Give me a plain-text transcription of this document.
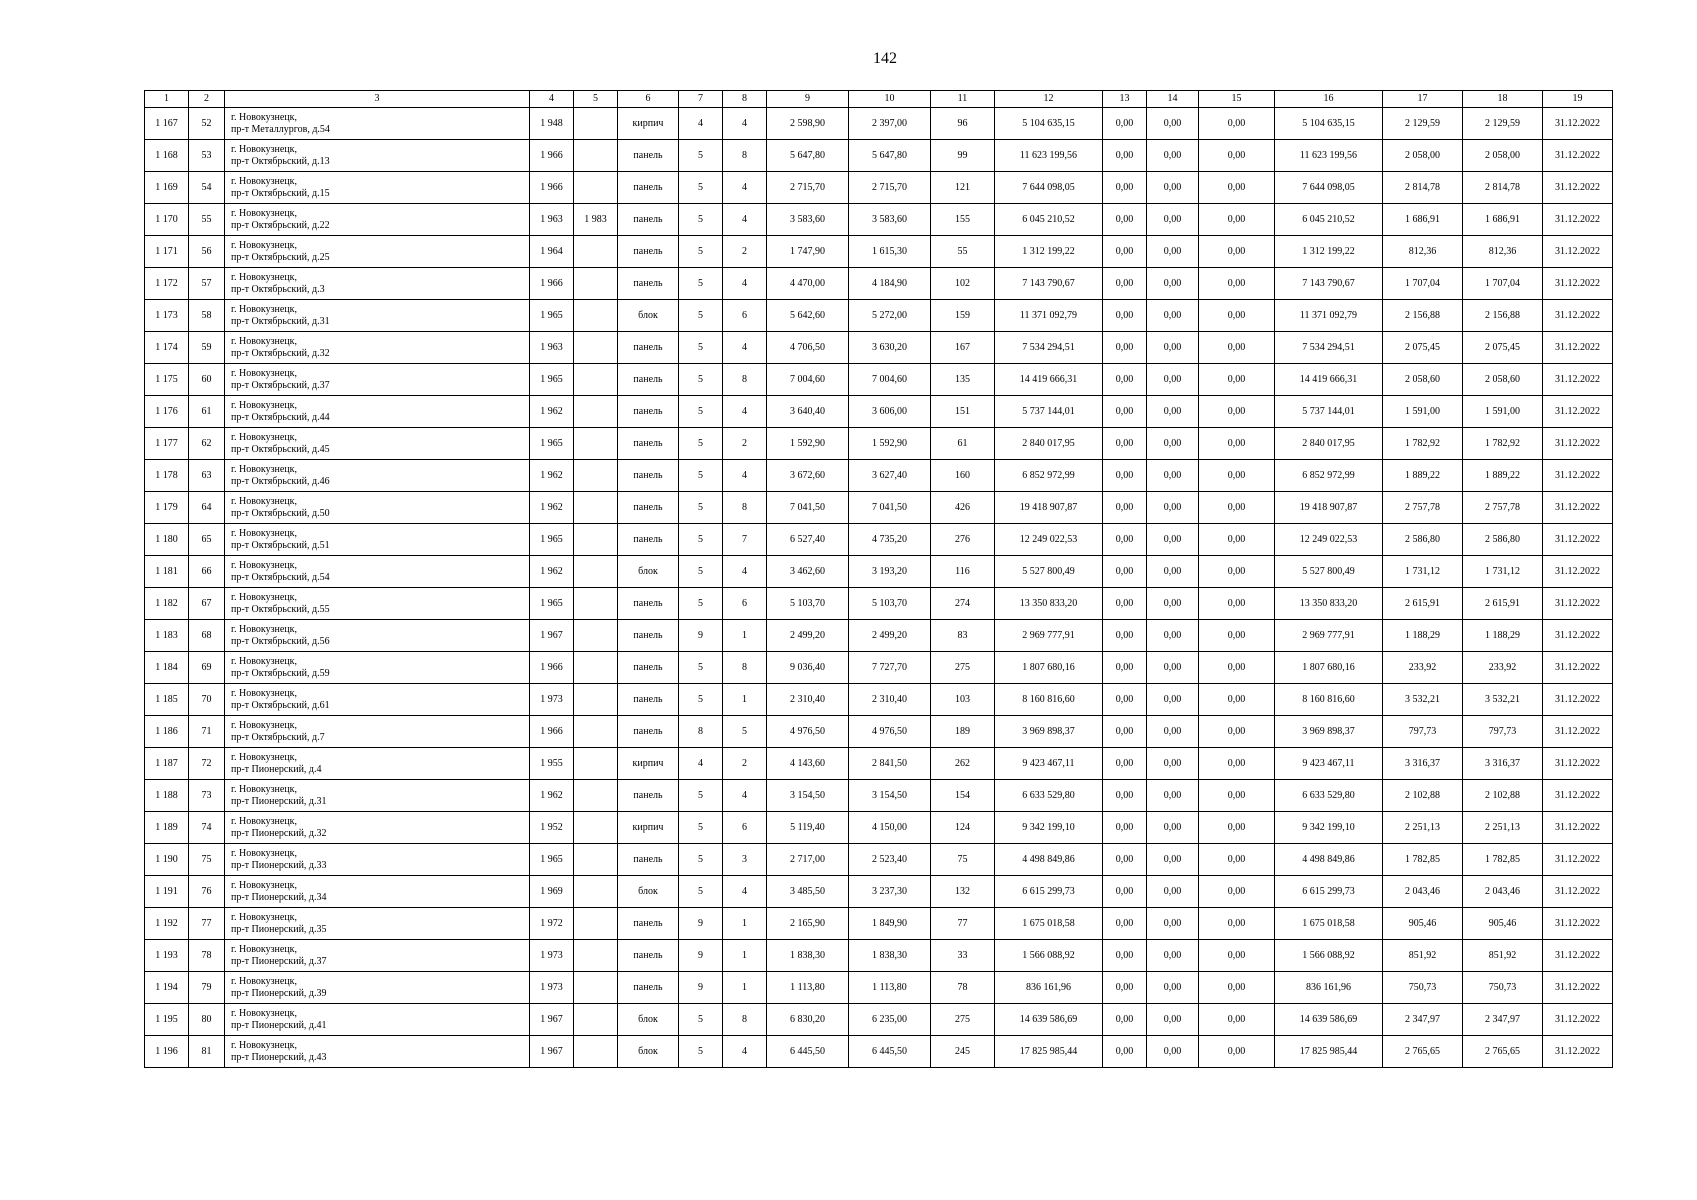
142
1	2	3	4	5	6	7	8	9	10	11	12	13	14	15	16	17	18	19
1 167	52	г. Новокузнецк,
пр-т Металлургов, д.54	1 948		кирпич	4	4	2 598,90	2 397,00	96	5 104 635,15	0,00	0,00	0,00	5 104 635,15	2 129,59	2 129,59	31.12.2022
1 168	53	г. Новокузнецк,
пр-т Октябрьский, д.13	1 966		панель	5	8	5 647,80	5 647,80	99	11 623 199,56	0,00	0,00	0,00	11 623 199,56	2 058,00	2 058,00	31.12.2022
1 169	54	г. Новокузнецк,
пр-т Октябрьский, д.15	1 966		панель	5	4	2 715,70	2 715,70	121	7 644 098,05	0,00	0,00	0,00	7 644 098,05	2 814,78	2 814,78	31.12.2022
1 170	55	г. Новокузнецк,
пр-т Октябрьский, д.22	1 963	1 983	панель	5	4	3 583,60	3 583,60	155	6 045 210,52	0,00	0,00	0,00	6 045 210,52	1 686,91	1 686,91	31.12.2022
1 171	56	г. Новокузнецк,
пр-т Октябрьский, д.25	1 964		панель	5	2	1 747,90	1 615,30	55	1 312 199,22	0,00	0,00	0,00	1 312 199,22	812,36	812,36	31.12.2022
1 172	57	г. Новокузнецк,
пр-т Октябрьский, д.3	1 966		панель	5	4	4 470,00	4 184,90	102	7 143 790,67	0,00	0,00	0,00	7 143 790,67	1 707,04	1 707,04	31.12.2022
1 173	58	г. Новокузнецк,
пр-т Октябрьский, д.31	1 965		блок	5	6	5 642,60	5 272,00	159	11 371 092,79	0,00	0,00	0,00	11 371 092,79	2 156,88	2 156,88	31.12.2022
1 174	59	г. Новокузнецк,
пр-т Октябрьский, д.32	1 963		панель	5	4	4 706,50	3 630,20	167	7 534 294,51	0,00	0,00	0,00	7 534 294,51	2 075,45	2 075,45	31.12.2022
1 175	60	г. Новокузнецк,
пр-т Октябрьский, д.37	1 965		панель	5	8	7 004,60	7 004,60	135	14 419 666,31	0,00	0,00	0,00	14 419 666,31	2 058,60	2 058,60	31.12.2022
1 176	61	г. Новокузнецк,
пр-т Октябрьский, д.44	1 962		панель	5	4	3 640,40	3 606,00	151	5 737 144,01	0,00	0,00	0,00	5 737 144,01	1 591,00	1 591,00	31.12.2022
1 177	62	г. Новокузнецк,
пр-т Октябрьский, д.45	1 965		панель	5	2	1 592,90	1 592,90	61	2 840 017,95	0,00	0,00	0,00	2 840 017,95	1 782,92	1 782,92	31.12.2022
1 178	63	г. Новокузнецк,
пр-т Октябрьский, д.46	1 962		панель	5	4	3 672,60	3 627,40	160	6 852 972,99	0,00	0,00	0,00	6 852 972,99	1 889,22	1 889,22	31.12.2022
1 179	64	г. Новокузнецк,
пр-т Октябрьский, д.50	1 962		панель	5	8	7 041,50	7 041,50	426	19 418 907,87	0,00	0,00	0,00	19 418 907,87	2 757,78	2 757,78	31.12.2022
1 180	65	г. Новокузнецк,
пр-т Октябрьский, д.51	1 965		панель	5	7	6 527,40	4 735,20	276	12 249 022,53	0,00	0,00	0,00	12 249 022,53	2 586,80	2 586,80	31.12.2022
1 181	66	г. Новокузнецк,
пр-т Октябрьский, д.54	1 962		блок	5	4	3 462,60	3 193,20	116	5 527 800,49	0,00	0,00	0,00	5 527 800,49	1 731,12	1 731,12	31.12.2022
1 182	67	г. Новокузнецк,
пр-т Октябрьский, д.55	1 965		панель	5	6	5 103,70	5 103,70	274	13 350 833,20	0,00	0,00	0,00	13 350 833,20	2 615,91	2 615,91	31.12.2022
1 183	68	г. Новокузнецк,
пр-т Октябрьский, д.56	1 967		панель	9	1	2 499,20	2 499,20	83	2 969 777,91	0,00	0,00	0,00	2 969 777,91	1 188,29	1 188,29	31.12.2022
1 184	69	г. Новокузнецк,
пр-т Октябрьский, д.59	1 966		панель	5	8	9 036,40	7 727,70	275	1 807 680,16	0,00	0,00	0,00	1 807 680,16	233,92	233,92	31.12.2022
1 185	70	г. Новокузнецк,
пр-т Октябрьский, д.61	1 973		панель	5	1	2 310,40	2 310,40	103	8 160 816,60	0,00	0,00	0,00	8 160 816,60	3 532,21	3 532,21	31.12.2022
1 186	71	г. Новокузнецк,
пр-т Октябрьский, д.7	1 966		панель	8	5	4 976,50	4 976,50	189	3 969 898,37	0,00	0,00	0,00	3 969 898,37	797,73	797,73	31.12.2022
1 187	72	г. Новокузнецк,
пр-т Пионерский, д.4	1 955		кирпич	4	2	4 143,60	2 841,50	262	9 423 467,11	0,00	0,00	0,00	9 423 467,11	3 316,37	3 316,37	31.12.2022
1 188	73	г. Новокузнецк,
пр-т Пионерский, д.31	1 962		панель	5	4	3 154,50	3 154,50	154	6 633 529,80	0,00	0,00	0,00	6 633 529,80	2 102,88	2 102,88	31.12.2022
1 189	74	г. Новокузнецк,
пр-т Пионерский, д.32	1 952		кирпич	5	6	5 119,40	4 150,00	124	9 342 199,10	0,00	0,00	0,00	9 342 199,10	2 251,13	2 251,13	31.12.2022
1 190	75	г. Новокузнецк,
пр-т Пионерский, д.33	1 965		панель	5	3	2 717,00	2 523,40	75	4 498 849,86	0,00	0,00	0,00	4 498 849,86	1 782,85	1 782,85	31.12.2022
1 191	76	г. Новокузнецк,
пр-т Пионерский, д.34	1 969		блок	5	4	3 485,50	3 237,30	132	6 615 299,73	0,00	0,00	0,00	6 615 299,73	2 043,46	2 043,46	31.12.2022
1 192	77	г. Новокузнецк,
пр-т Пионерский, д.35	1 972		панель	9	1	2 165,90	1 849,90	77	1 675 018,58	0,00	0,00	0,00	1 675 018,58	905,46	905,46	31.12.2022
1 193	78	г. Новокузнецк,
пр-т Пионерский, д.37	1 973		панель	9	1	1 838,30	1 838,30	33	1 566 088,92	0,00	0,00	0,00	1 566 088,92	851,92	851,92	31.12.2022
1 194	79	г. Новокузнецк,
пр-т Пионерский, д.39	1 973		панель	9	1	1 113,80	1 113,80	78	836 161,96	0,00	0,00	0,00	836 161,96	750,73	750,73	31.12.2022
1 195	80	г. Новокузнецк,
пр-т Пионерский, д.41	1 967		блок	5	8	6 830,20	6 235,00	275	14 639 586,69	0,00	0,00	0,00	14 639 586,69	2 347,97	2 347,97	31.12.2022
1 196	81	г. Новокузнецк,
пр-т Пионерский, д.43	1 967		блок	5	4	6 445,50	6 445,50	245	17 825 985,44	0,00	0,00	0,00	17 825 985,44	2 765,65	2 765,65	31.12.2022
